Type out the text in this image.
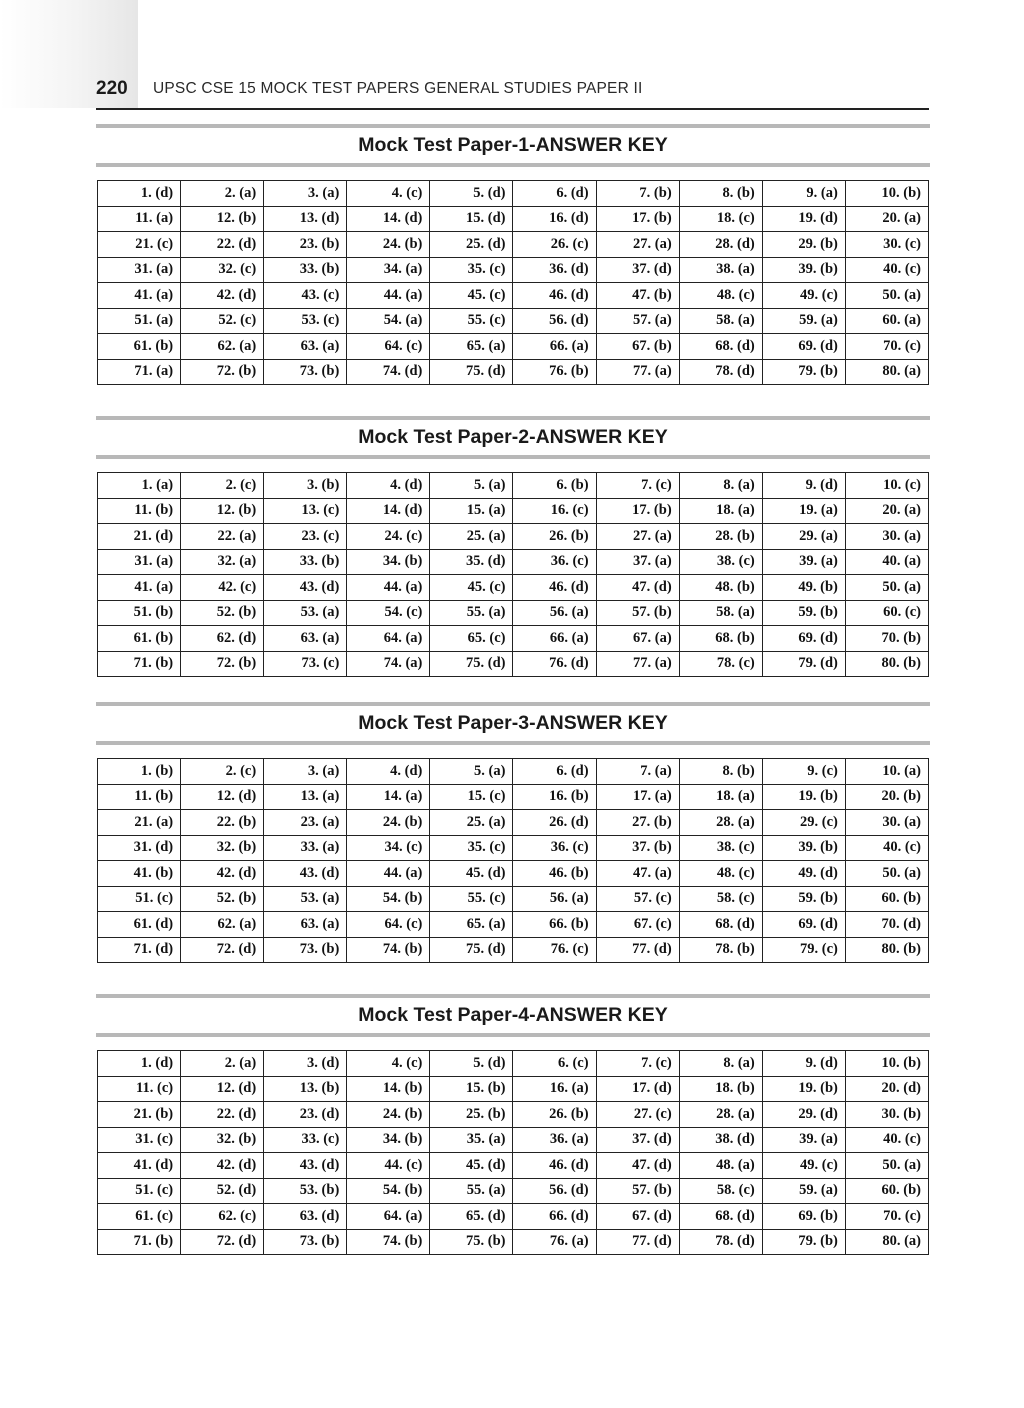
220 UPSC CSE 15 MOCK TEST PAPERS GENERAL STUDIES PAPER II
Mock Test Paper-1-ANSWER KEY
1. (d)	2. (a)	3. (a)	4. (c)	5. (d)	6. (d)	7. (b)	8. (b)	9. (a)	10. (b)
11. (a)	12. (b)	13. (d)	14. (d)	15. (d)	16. (d)	17. (b)	18. (c)	19. (d)	20. (a)
21. (c)	22. (d)	23. (b)	24. (b)	25. (d)	26. (c)	27. (a)	28. (d)	29. (b)	30. (c)
31. (a)	32. (c)	33. (b)	34. (a)	35. (c)	36. (d)	37. (d)	38. (a)	39. (b)	40. (c)
41. (a)	42. (d)	43. (c)	44. (a)	45. (c)	46. (d)	47. (b)	48. (c)	49. (c)	50. (a)
51. (a)	52. (c)	53. (c)	54. (a)	55. (c)	56. (d)	57. (a)	58. (a)	59. (a)	60. (a)
61. (b)	62. (a)	63. (a)	64. (c)	65. (a)	66. (a)	67. (b)	68. (d)	69. (d)	70. (c)
71. (a)	72. (b)	73. (b)	74. (d)	75. (d)	76. (b)	77. (a)	78. (d)	79. (b)	80. (a)
Mock Test Paper-2-ANSWER KEY
1. (a)	2. (c)	3. (b)	4. (d)	5. (a)	6. (b)	7. (c)	8. (a)	9. (d)	10. (c)
11. (b)	12. (b)	13. (c)	14. (d)	15. (a)	16. (c)	17. (b)	18. (a)	19. (a)	20. (a)
21. (d)	22. (a)	23. (c)	24. (c)	25. (a)	26. (b)	27. (a)	28. (b)	29. (a)	30. (a)
31. (a)	32. (a)	33. (b)	34. (b)	35. (d)	36. (c)	37. (a)	38. (c)	39. (a)	40. (a)
41. (a)	42. (c)	43. (d)	44. (a)	45. (c)	46. (d)	47. (d)	48. (b)	49. (b)	50. (a)
51. (b)	52. (b)	53. (a)	54. (c)	55. (a)	56. (a)	57. (b)	58. (a)	59. (b)	60. (c)
61. (b)	62. (d)	63. (a)	64. (a)	65. (c)	66. (a)	67. (a)	68. (b)	69. (d)	70. (b)
71. (b)	72. (b)	73. (c)	74. (a)	75. (d)	76. (d)	77. (a)	78. (c)	79. (d)	80. (b)
Mock Test Paper-3-ANSWER KEY
1. (b)	2. (c)	3. (a)	4. (d)	5. (a)	6. (d)	7. (a)	8. (b)	9. (c)	10. (a)
11. (b)	12. (d)	13. (a)	14. (a)	15. (c)	16. (b)	17. (a)	18. (a)	19. (b)	20. (b)
21. (a)	22. (b)	23. (a)	24. (b)	25. (a)	26. (d)	27. (b)	28. (a)	29. (c)	30. (a)
31. (d)	32. (b)	33. (a)	34. (c)	35. (c)	36. (c)	37. (b)	38. (c)	39. (b)	40. (c)
41. (b)	42. (d)	43. (d)	44. (a)	45. (d)	46. (b)	47. (a)	48. (c)	49. (d)	50. (a)
51. (c)	52. (b)	53. (a)	54. (b)	55. (c)	56. (a)	57. (c)	58. (c)	59. (b)	60. (b)
61. (d)	62. (a)	63. (a)	64. (c)	65. (a)	66. (b)	67. (c)	68. (d)	69. (d)	70. (d)
71. (d)	72. (d)	73. (b)	74. (b)	75. (d)	76. (c)	77. (d)	78. (b)	79. (c)	80. (b)
Mock Test Paper-4-ANSWER KEY
1. (d)	2. (a)	3. (d)	4. (c)	5. (d)	6. (c)	7. (c)	8. (a)	9. (d)	10. (b)
11. (c)	12. (d)	13. (b)	14. (b)	15. (b)	16. (a)	17. (d)	18. (b)	19. (b)	20. (d)
21. (b)	22. (d)	23. (d)	24. (b)	25. (b)	26. (b)	27. (c)	28. (a)	29. (d)	30. (b)
31. (c)	32. (b)	33. (c)	34. (b)	35. (a)	36. (a)	37. (d)	38. (d)	39. (a)	40. (c)
41. (d)	42. (d)	43. (d)	44. (c)	45. (d)	46. (d)	47. (d)	48. (a)	49. (c)	50. (a)
51. (c)	52. (d)	53. (b)	54. (b)	55. (a)	56. (d)	57. (b)	58. (c)	59. (a)	60. (b)
61. (c)	62. (c)	63. (d)	64. (a)	65. (d)	66. (d)	67. (d)	68. (d)	69. (b)	70. (c)
71. (b)	72. (d)	73. (b)	74. (b)	75. (b)	76. (a)	77. (d)	78. (d)	79. (b)	80. (a)
